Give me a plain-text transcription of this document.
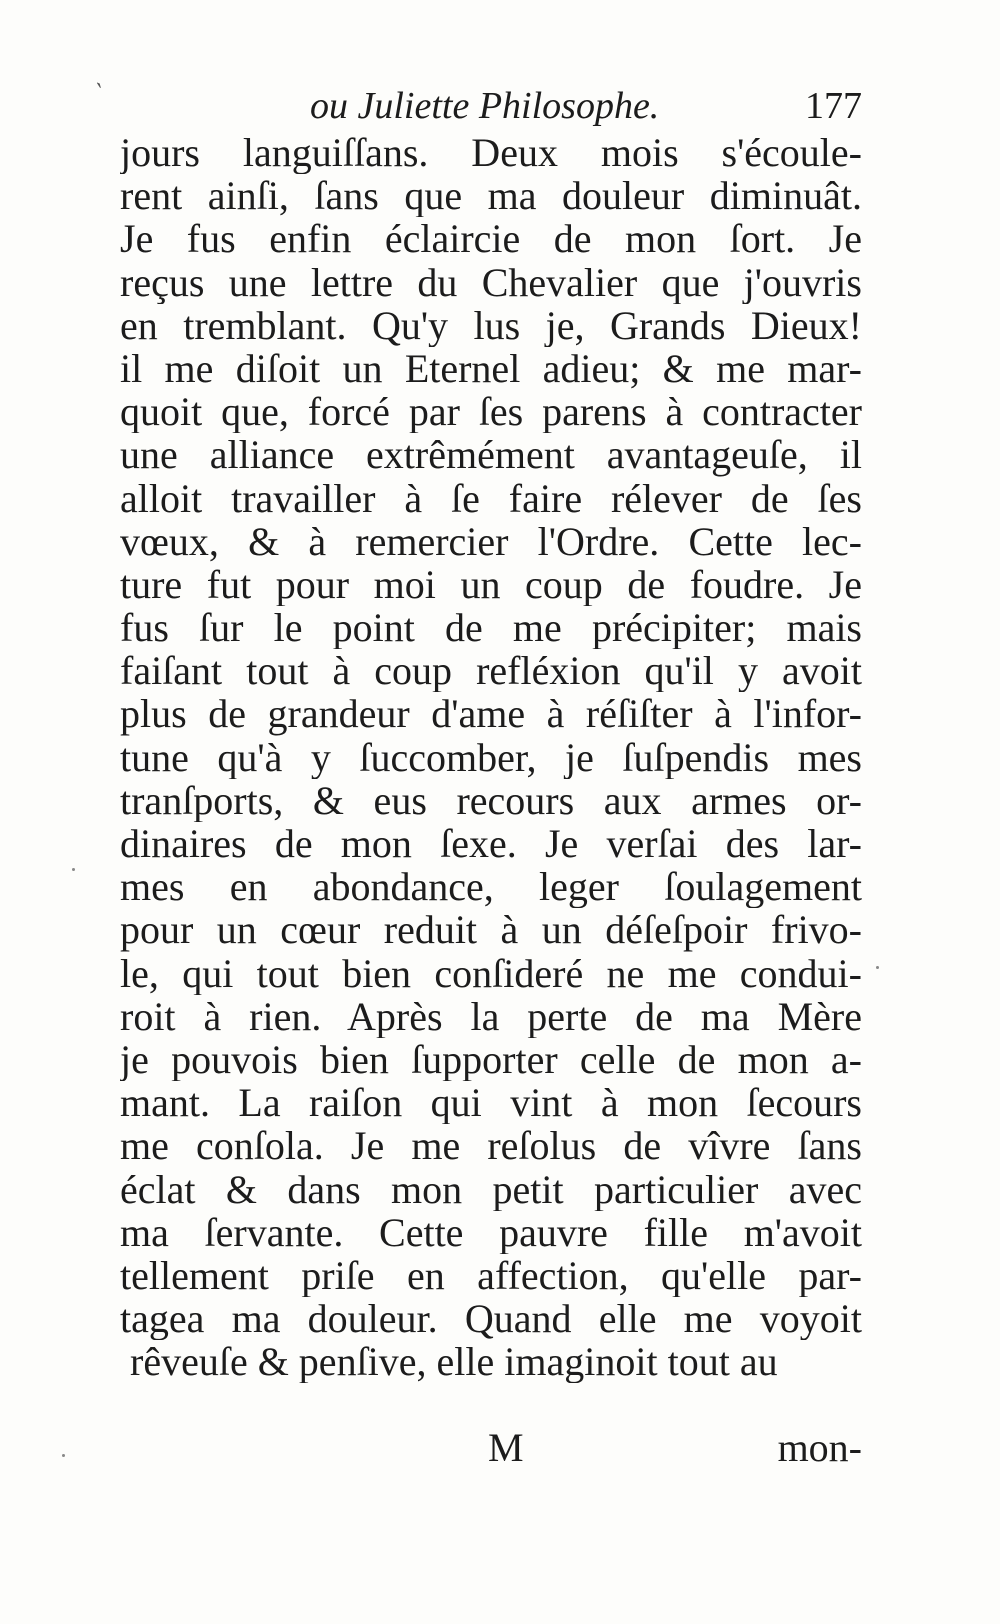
`	ou Juliette Philosophe.	177
jours languiſſans. Deux mois s'écoule-
rent ainſi, ſans que ma douleur diminuât.
Je fus enfin éclaircie de mon ſort. Je
reçus une lettre du Chevalier que j'ouvris
en tremblant. Qu'y lus je, Grands Dieux!
il me diſoit un Eternel adieu; & me mar-
quoit que, forcé par ſes parens à contracter
une alliance extrêmément avantageuſe, il
alloit travailler à ſe faire rélever de ſes
vœux, & à remercier l'Ordre. Cette lec-
ture fut pour moi un coup de foudre. Je
fus ſur le point de me précipiter; mais
faiſant tout à coup refléxion qu'il y avoit
plus de grandeur d'ame à réſiſter à l'infor-
tune qu'à y ſuccomber, je ſuſpendis mes
tranſports, & eus recours aux armes or-
dinaires de mon ſexe. Je verſai des lar-
mes en abondance, leger ſoulagement
pour un cœur reduit à un déſeſpoir frivo-
le, qui tout bien conſideré ne me condui-
roit à rien. Après la perte de ma Mère
je pouvois bien ſupporter celle de mon a-
mant. La raiſon qui vint à mon ſecours
me conſola. Je me reſolus de vîvre ſans
éclat & dans mon petit particulier avec
ma ſervante. Cette pauvre fille m'avoit
tellement priſe en affection, qu'elle par-
tagea ma douleur. Quand elle me voyoit
rêveuſe & penſive, elle imaginoit tout au
M	mon-
